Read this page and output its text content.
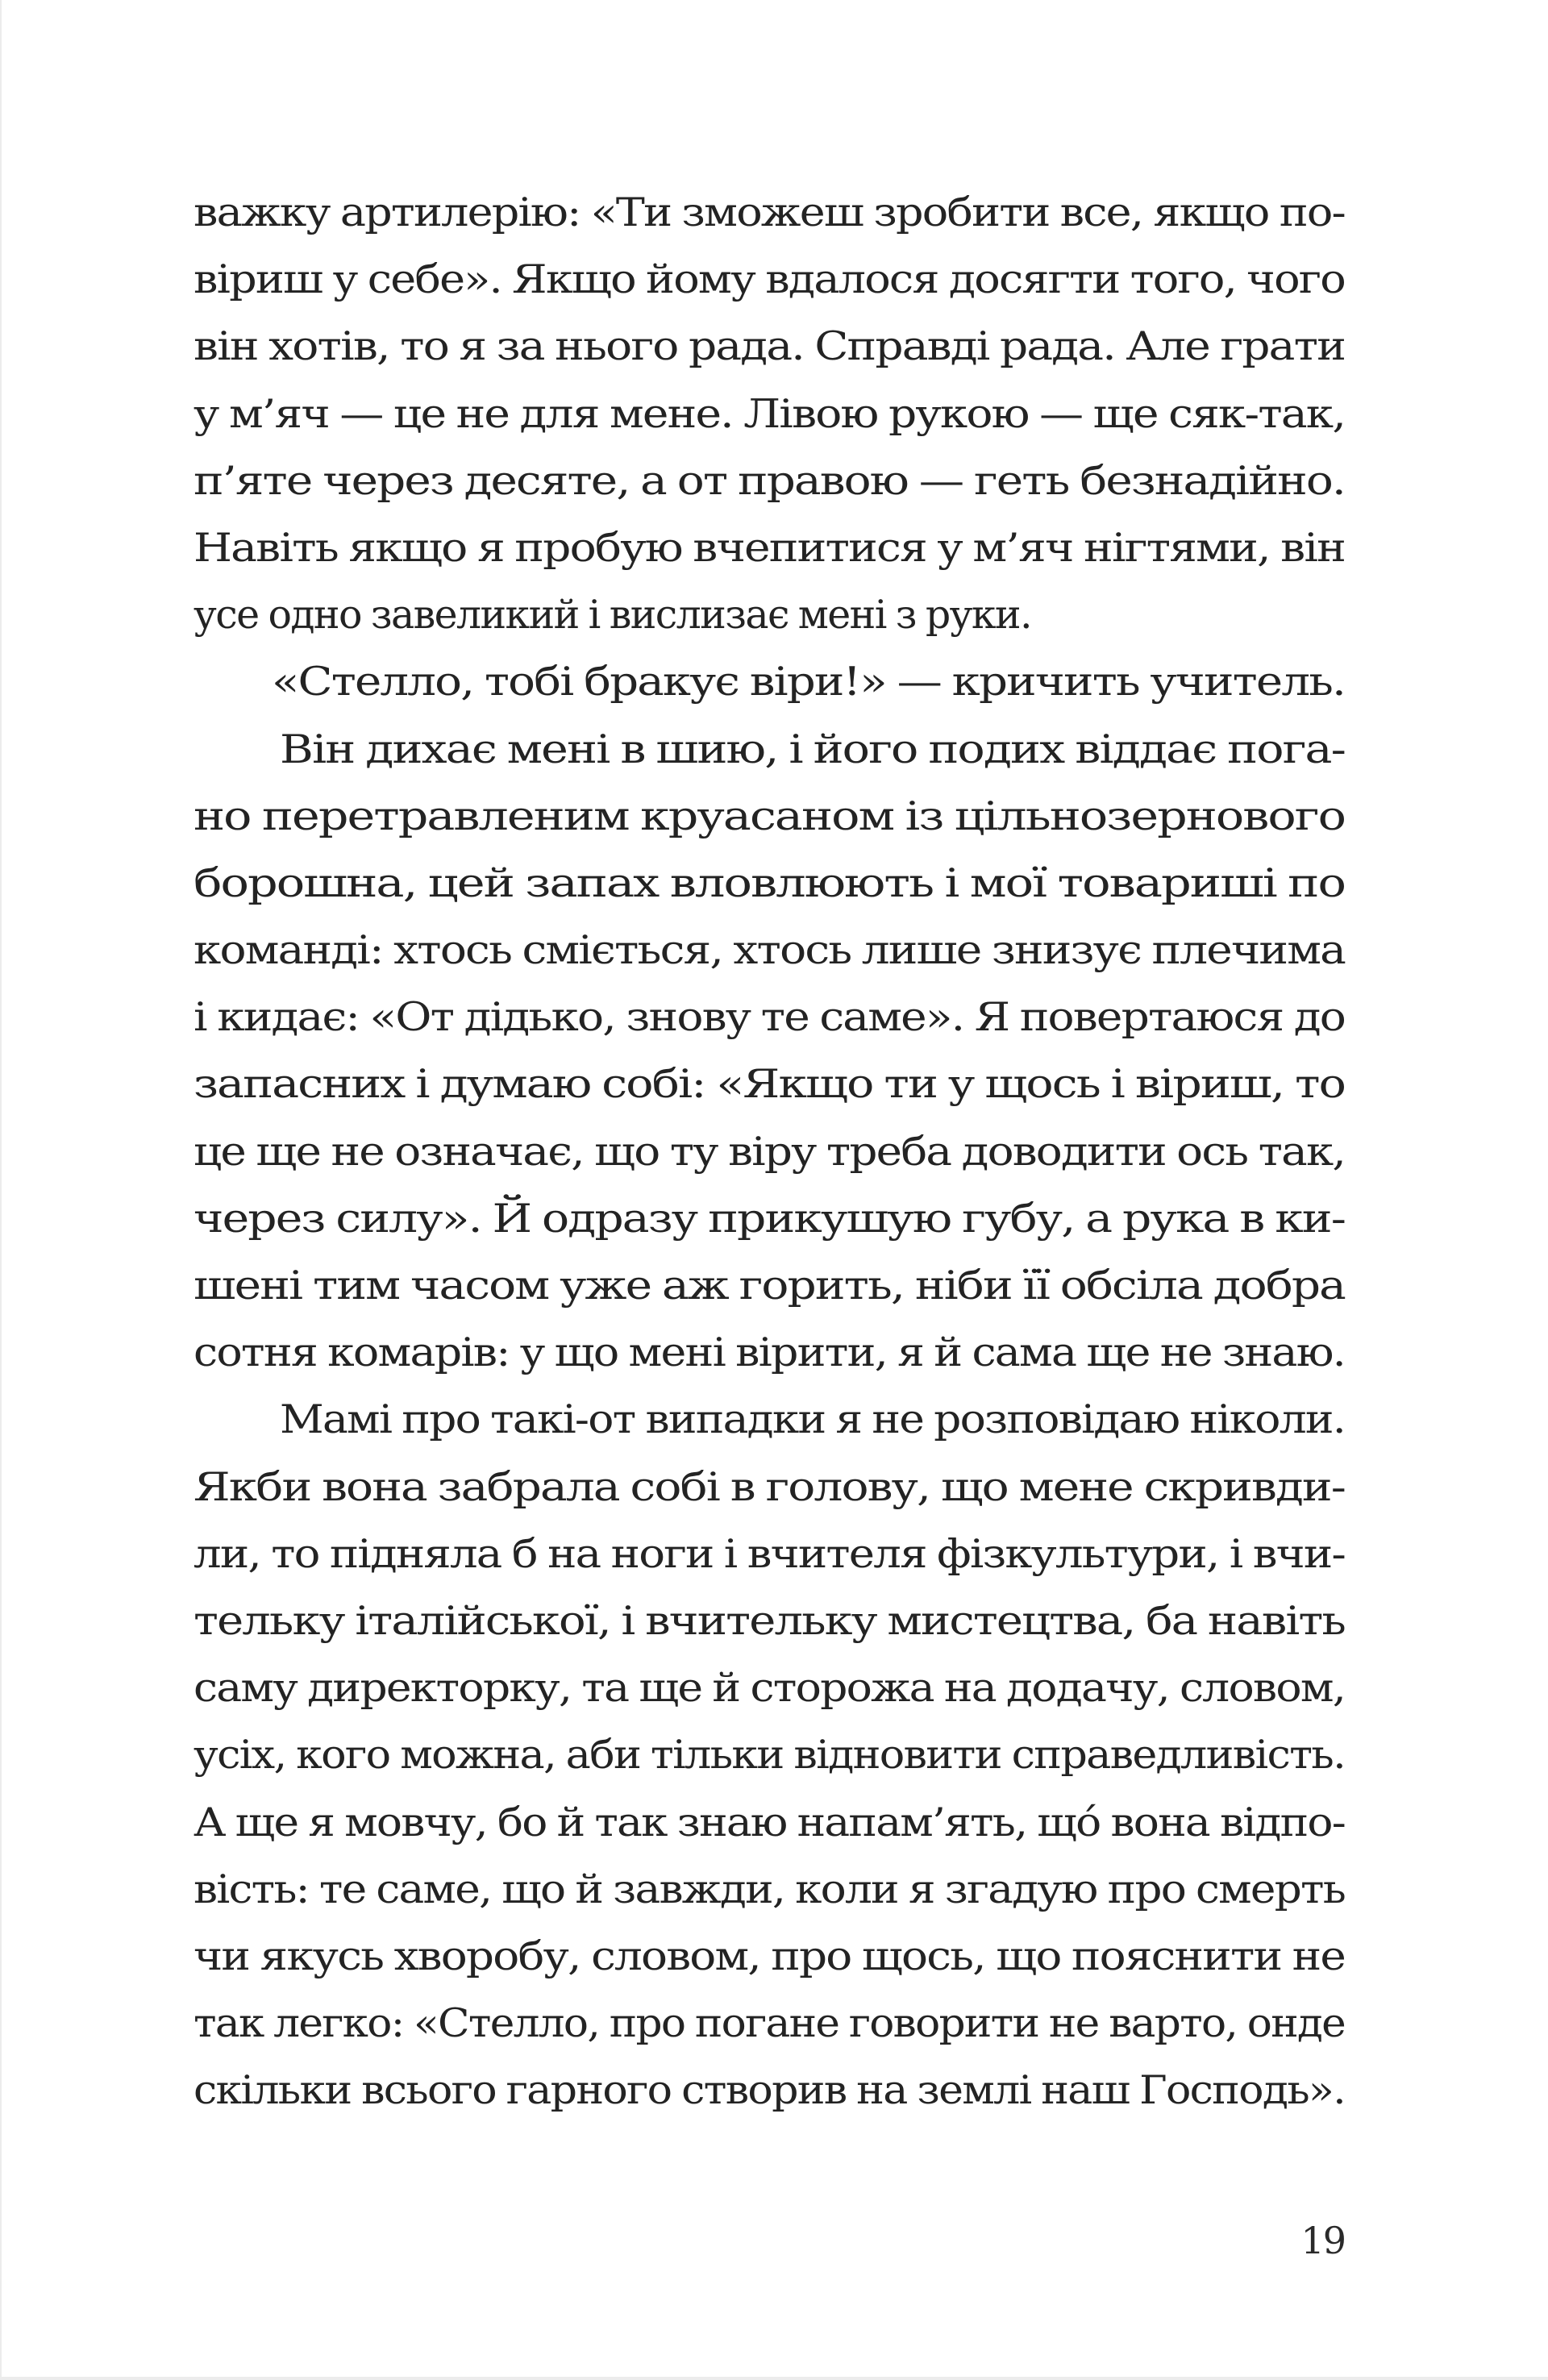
важку артилерію: «Ти зможеш зробити все, якщо по-
віриш у себе». Якщо йому вдалося досягти того, чого
він хотів, то я за нього рада. Справді рада. Але грати
у м’яч — це не для мене. Лівою рукою — ще сяк-так,
п’яте через десяте, а от правою — геть безнадійно.
Навіть якщо я пробую вчепитися у м’яч нігтями, він
усе одно завеликий і вислизає мені з руки.
«Стелло, тобі бракує віри!» — кричить учитель.
Він дихає мені в шию, і його подих віддає пога-
но перетравленим круасаном із цільнозернового
борошна, цей запах вловлюють і мої товариші по
команді: хтось сміється, хтось лише знизує плечима
і кидає: «От дідько, знову те саме». Я повертаюся до
запасних і думаю собі: «Якщо ти у щось і віриш, то
це ще не означає, що ту віру треба доводити ось так,
через силу». Й одразу прикушую губу, а рука в ки-
шені тим часом уже аж горить, ніби її обсіла добра
сотня комарів: у що мені вірити, я й сама ще не знаю.
Мамі про такі-от випадки я не розповідаю ніколи.
Якби вона забрала собі в голову, що мене скривди-
ли, то підняла б на ноги і вчителя фізкультури, і вчи-
тельку італійської, і вчительку мистецтва, ба навіть
саму директорку, та ще й сторожа на додачу, словом,
усіх, кого можна, аби тільки відновити справедливість.
А ще я мовчу, бо й так знаю напам’ять, щó вона відпо-
вість: те саме, що й завжди, коли я згадую про смерть
чи якусь хворобу, словом, про щось, що пояснити не
так легко: «Стелло, про погане говорити не варто, онде
скільки всього гарного створив на землі наш Господь».
19
